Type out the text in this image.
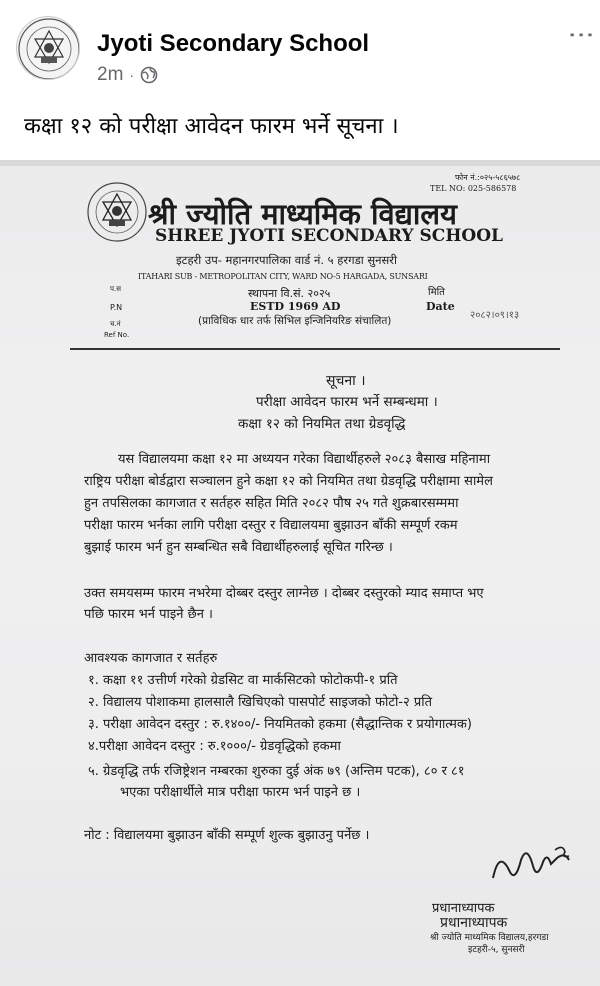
Jyoti Secondary School
2m ·
⋮
कक्षा १२ को परीक्षा आवेदन फारम भर्ने सूचना ।
फोन नं.:०२५-५८६५७८
TEL NO: 025-586578
श्री ज्योति माध्यमिक विद्यालय
SHREE JYOTI SECONDARY SCHOOL
इटहरी उप- महानगरपालिका वार्ड नं. ५ हरगडा सुनसरी
ITAHARI SUB - METROPOLITAN CITY, WARD NO-5 HARGADA, SUNSARI
स्थापना वि.सं. २०२५
ESTD 1969 AD
(प्राविधिक धार तर्फ सिभिल इन्जिनियरिङ संचालित)
प.स
P.N
च.नं
Ref No.
मिति
Date
२०८२।०९।१३
सूचना ।
परीक्षा आवेदन फारम भर्ने सम्बन्धमा ।
कक्षा १२ को नियमित तथा ग्रेडवृद्धि
यस विद्यालयमा कक्षा १२ मा अध्ययन गरेका विद्यार्थीहरुले २०८३ बैसाख महिनामा
राष्ट्रिय परीक्षा बोर्डद्वारा सञ्चालन हुने कक्षा १२ को नियमित तथा ग्रेडवृद्धि परीक्षामा सामेल
हुन तपसिलका कागजात र सर्तहरु सहित मिति २०८२ पौष २५ गते शुक्रबारसम्ममा
परीक्षा फारम भर्नका लागि परीक्षा दस्तुर र विद्यालयमा बुझाउन बाँकी सम्पूर्ण रकम
बुझाई फारम भर्न हुन सम्बन्धित सबै विद्यार्थीहरुलाई सूचित गरिन्छ ।
उक्त समयसम्म फारम नभरेमा दोब्बर दस्तुर लाग्नेछ । दोब्बर दस्तुरको म्याद समाप्त भए
पछि फारम भर्न पाइने छैन ।
आवश्यक कागजात र सर्तहरु
१. कक्षा ११ उत्तीर्ण गरेको ग्रेडसिट वा मार्कसिटको फोटोकपी-१ प्रति
२. विद्यालय पोशाकमा हालसालै खिचिएको पासपोर्ट साइजको फोटो-२ प्रति
३. परीक्षा आवेदन दस्तुर : रु.१४००/- नियमितको हकमा (सैद्धान्तिक र प्रयोगात्मक)
४.परीक्षा आवेदन दस्तुर : रु.१०००/- ग्रेडवृद्धिको हकमा
५. ग्रेडवृद्धि तर्फ रजिष्ट्रेशन नम्बरका शुरुका दुई अंक ७९ (अन्तिम पटक), ८० र ८१
भएका परीक्षार्थीले मात्र परीक्षा फारम भर्न पाइने छ ।
नोट : विद्यालयमा बुझाउन बाँकी सम्पूर्ण शुल्क बुझाउनु पर्नेछ ।
प्रधानाध्यापक
प्रधानाध्यापक
श्री ज्योति माध्यमिक विद्यालय,हरगडा
इटहरी-५, सुनसरी
